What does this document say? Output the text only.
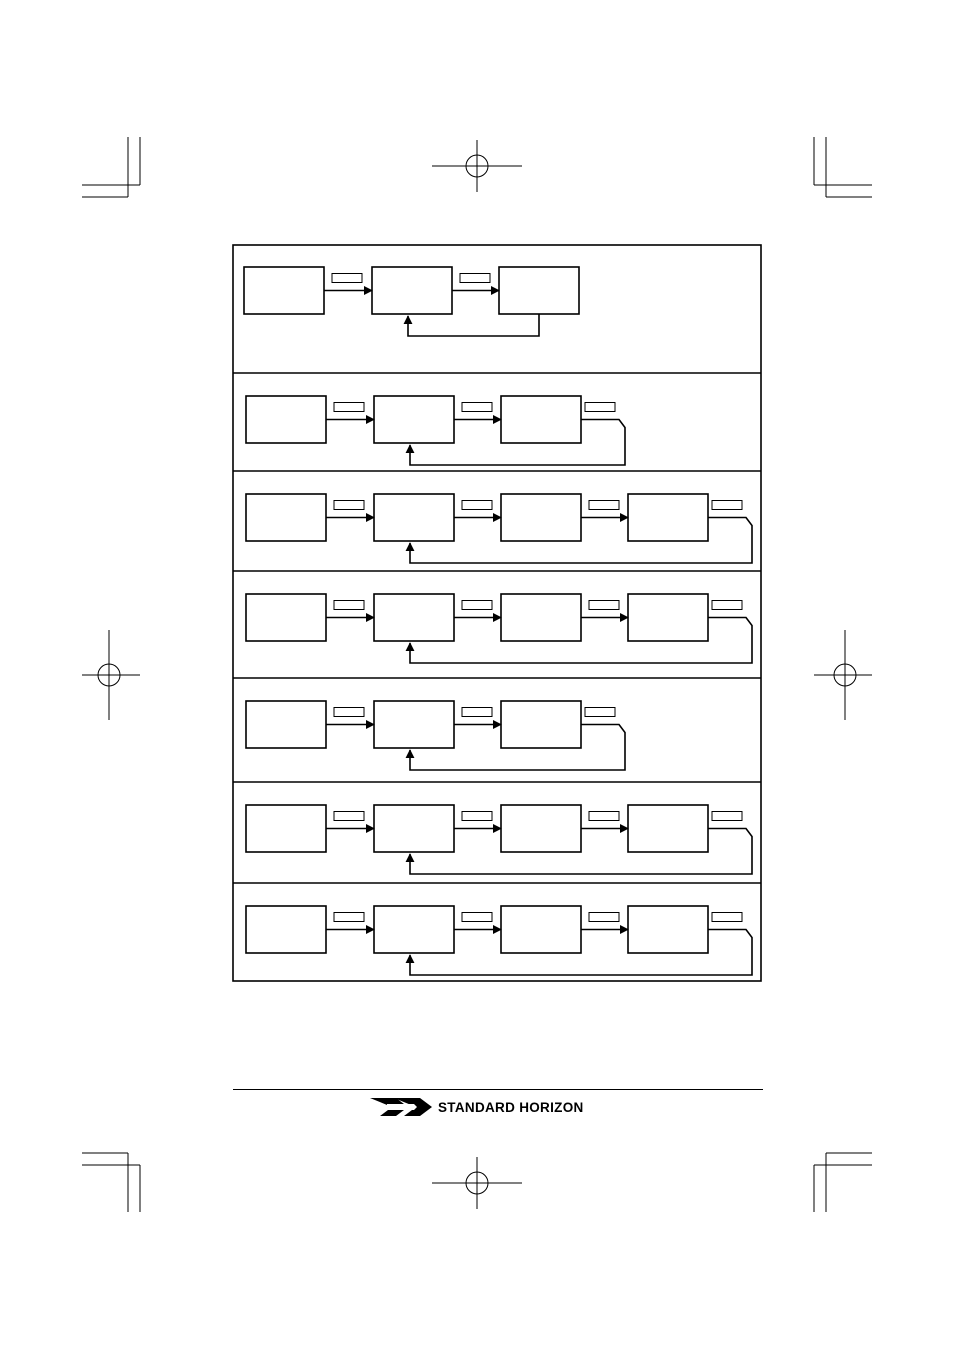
STANDARD HORIZON
